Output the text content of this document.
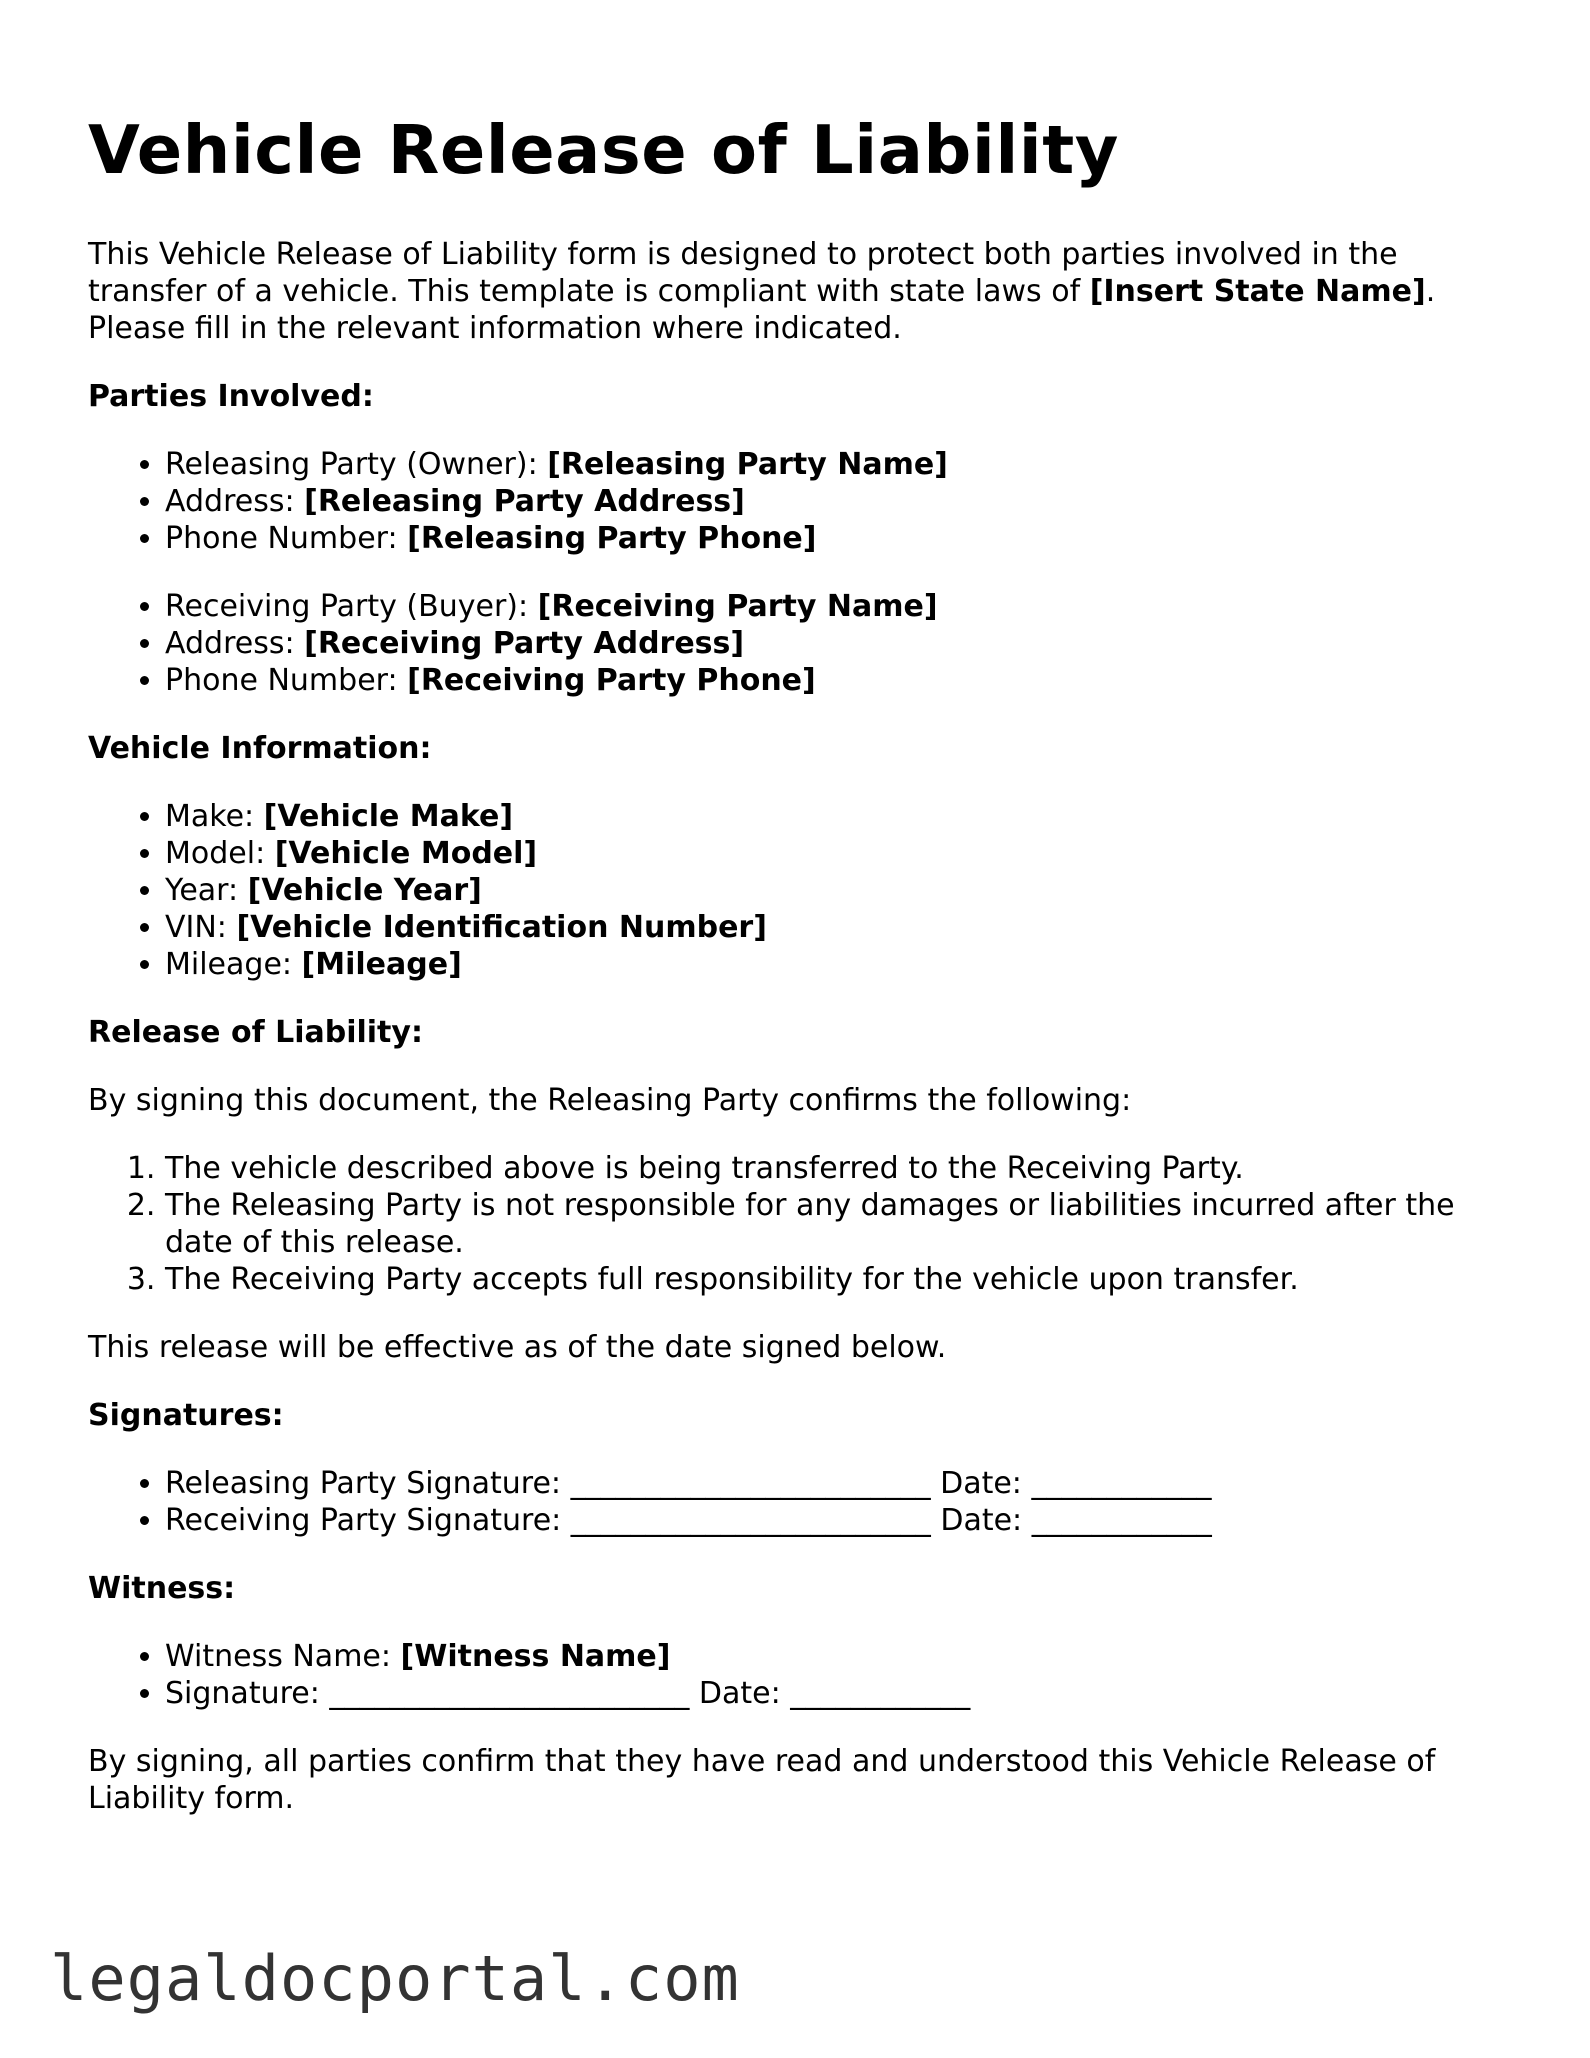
Vehicle Release of Liability

This Vehicle Release of Liability form is designed to protect both parties involved in the transfer of a vehicle. This template is compliant with state laws of [Insert State Name]. Please fill in the relevant information where indicated.

Parties Involved:
• Releasing Party (Owner): [Releasing Party Name]
• Address: [Releasing Party Address]
• Phone Number: [Releasing Party Phone]
• Receiving Party (Buyer): [Receiving Party Name]
• Address: [Receiving Party Address]
• Phone Number: [Receiving Party Phone]
Vehicle Information:
• Make: [Vehicle Make]
• Model: [Vehicle Model]
• Year: [Vehicle Year]
• VIN: [Vehicle Identification Number]
• Mileage: [Mileage]
Release of Liability:

By signing this document, the Releasing Party confirms the following:

1. The vehicle described above is being transferred to the Receiving Party.
2. The Releasing Party is not responsible for any damages or liabilities incurred after the date of this release.
3. The Receiving Party accepts full responsibility for the vehicle upon transfer.

This release will be effective as of the date signed below.

Signatures:
• Releasing Party Signature: ________________________ Date: ____________
• Receiving Party Signature: ________________________ Date: ____________
Witness:
• Witness Name: [Witness Name]
• Signature: ________________________ Date: ____________

By signing, all parties confirm that they have read and understood this Vehicle Release of Liability form.

legaldocportal.com
